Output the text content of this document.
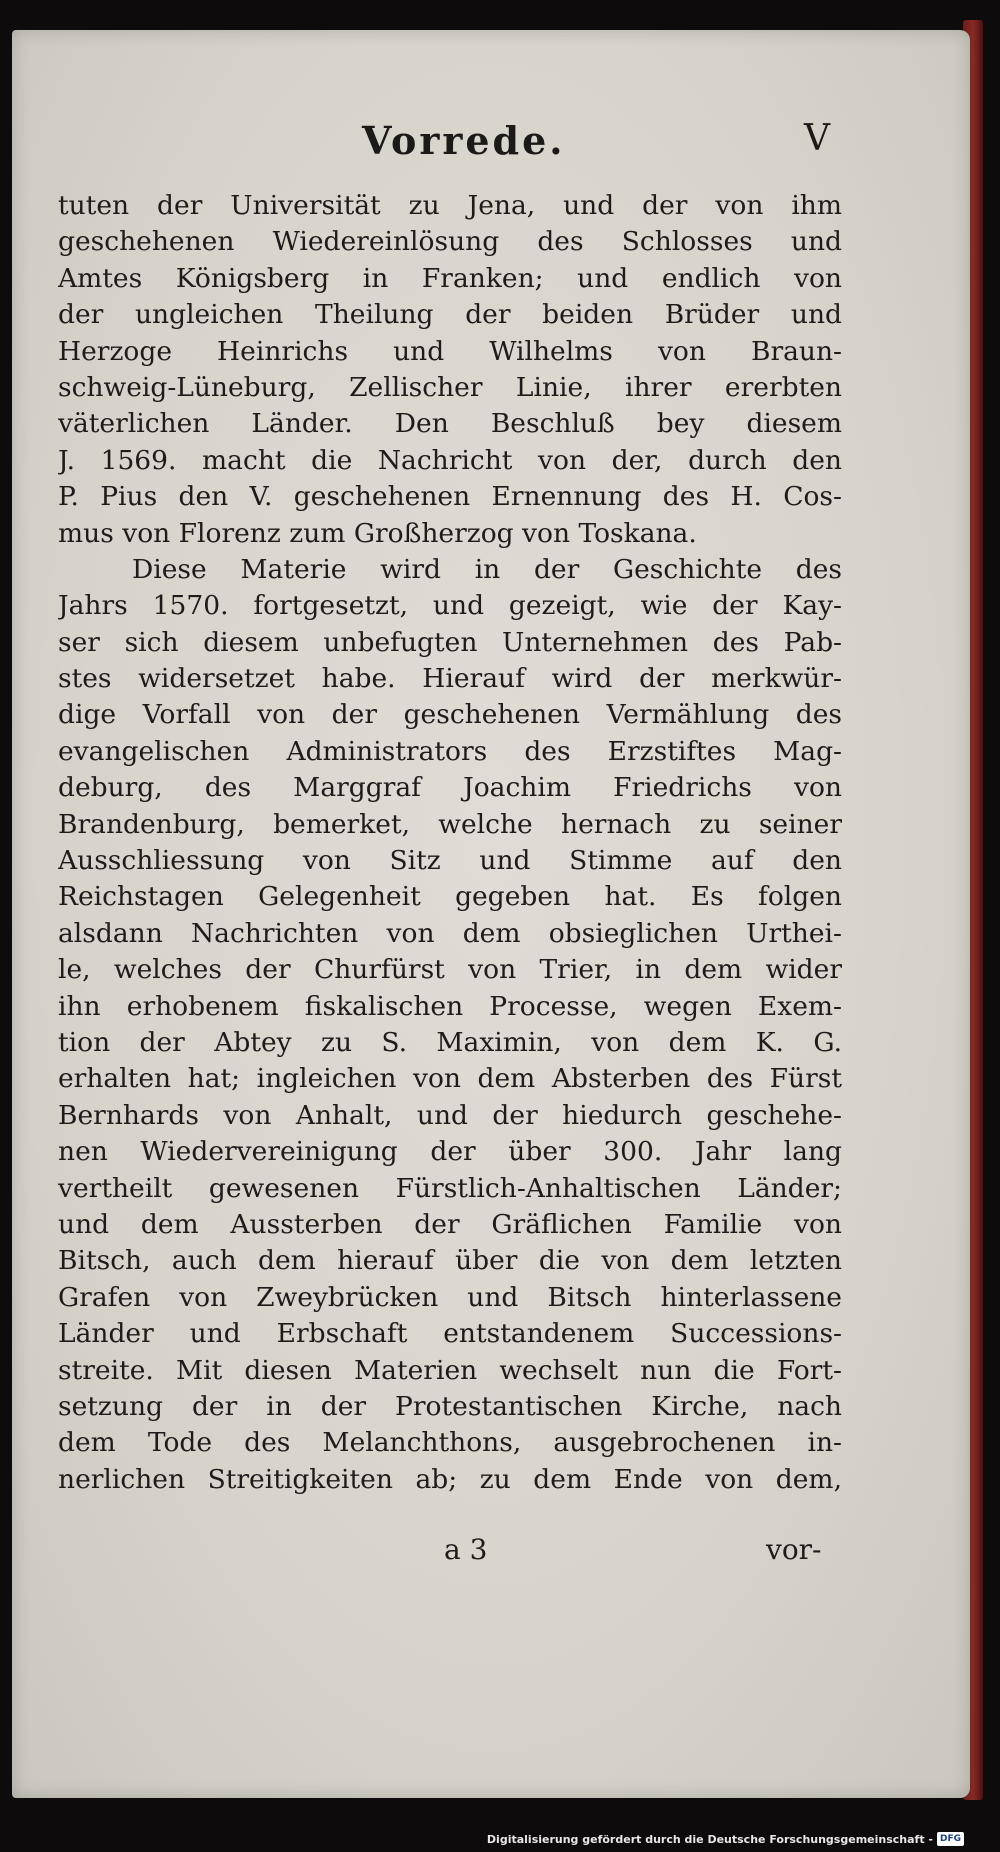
Vorrede.	V
tuten der Universität zu Jena, und der von ihm
geschehenen Wiedereinlösung des Schlosses und
Amtes Königsberg in Franken; und endlich von
der ungleichen Theilung der beiden Brüder und
Herzoge Heinrichs und Wilhelms von Braun-
schweig-Lüneburg, Zellischer Linie, ihrer ererbten
väterlichen Länder. Den Beschluß bey diesem
J. 1569. macht die Nachricht von der, durch den
P. Pius den V. geschehenen Ernennung des H. Cos-
mus von Florenz zum Großherzog von Toskana.
Diese Materie wird in der Geschichte des
Jahrs 1570. fortgesetzt, und gezeigt, wie der Kay-
ser sich diesem unbefugten Unternehmen des Pab-
stes widersetzet habe. Hierauf wird der merkwür-
dige Vorfall von der geschehenen Vermählung des
evangelischen Administrators des Erzstiftes Mag-
deburg, des Marggraf Joachim Friedrichs von
Brandenburg, bemerket, welche hernach zu seiner
Ausschliessung von Sitz und Stimme auf den
Reichstagen Gelegenheit gegeben hat. Es folgen
alsdann Nachrichten von dem obsieglichen Urthei-
le, welches der Churfürst von Trier, in dem wider
ihn erhobenem fiskalischen Processe, wegen Exem-
tion der Abtey zu S. Maximin, von dem K. G.
erhalten hat; ingleichen von dem Absterben des Fürst
Bernhards von Anhalt, und der hiedurch geschehe-
nen Wiedervereinigung der über 300. Jahr lang
vertheilt gewesenen Fürstlich-Anhaltischen Länder;
und dem Aussterben der Gräflichen Familie von
Bitsch, auch dem hierauf über die von dem letzten
Grafen von Zweybrücken und Bitsch hinterlassene
Länder und Erbschaft entstandenem Successions-
streite. Mit diesen Materien wechselt nun die Fort-
setzung der in der Protestantischen Kirche, nach
dem Tode des Melanchthons, ausgebrochenen in-
nerlichen Streitigkeiten ab; zu dem Ende von dem,
a 3	vor-
Digitalisierung gefördert durch die Deutsche Forschungsgemeinschaft - DFG
